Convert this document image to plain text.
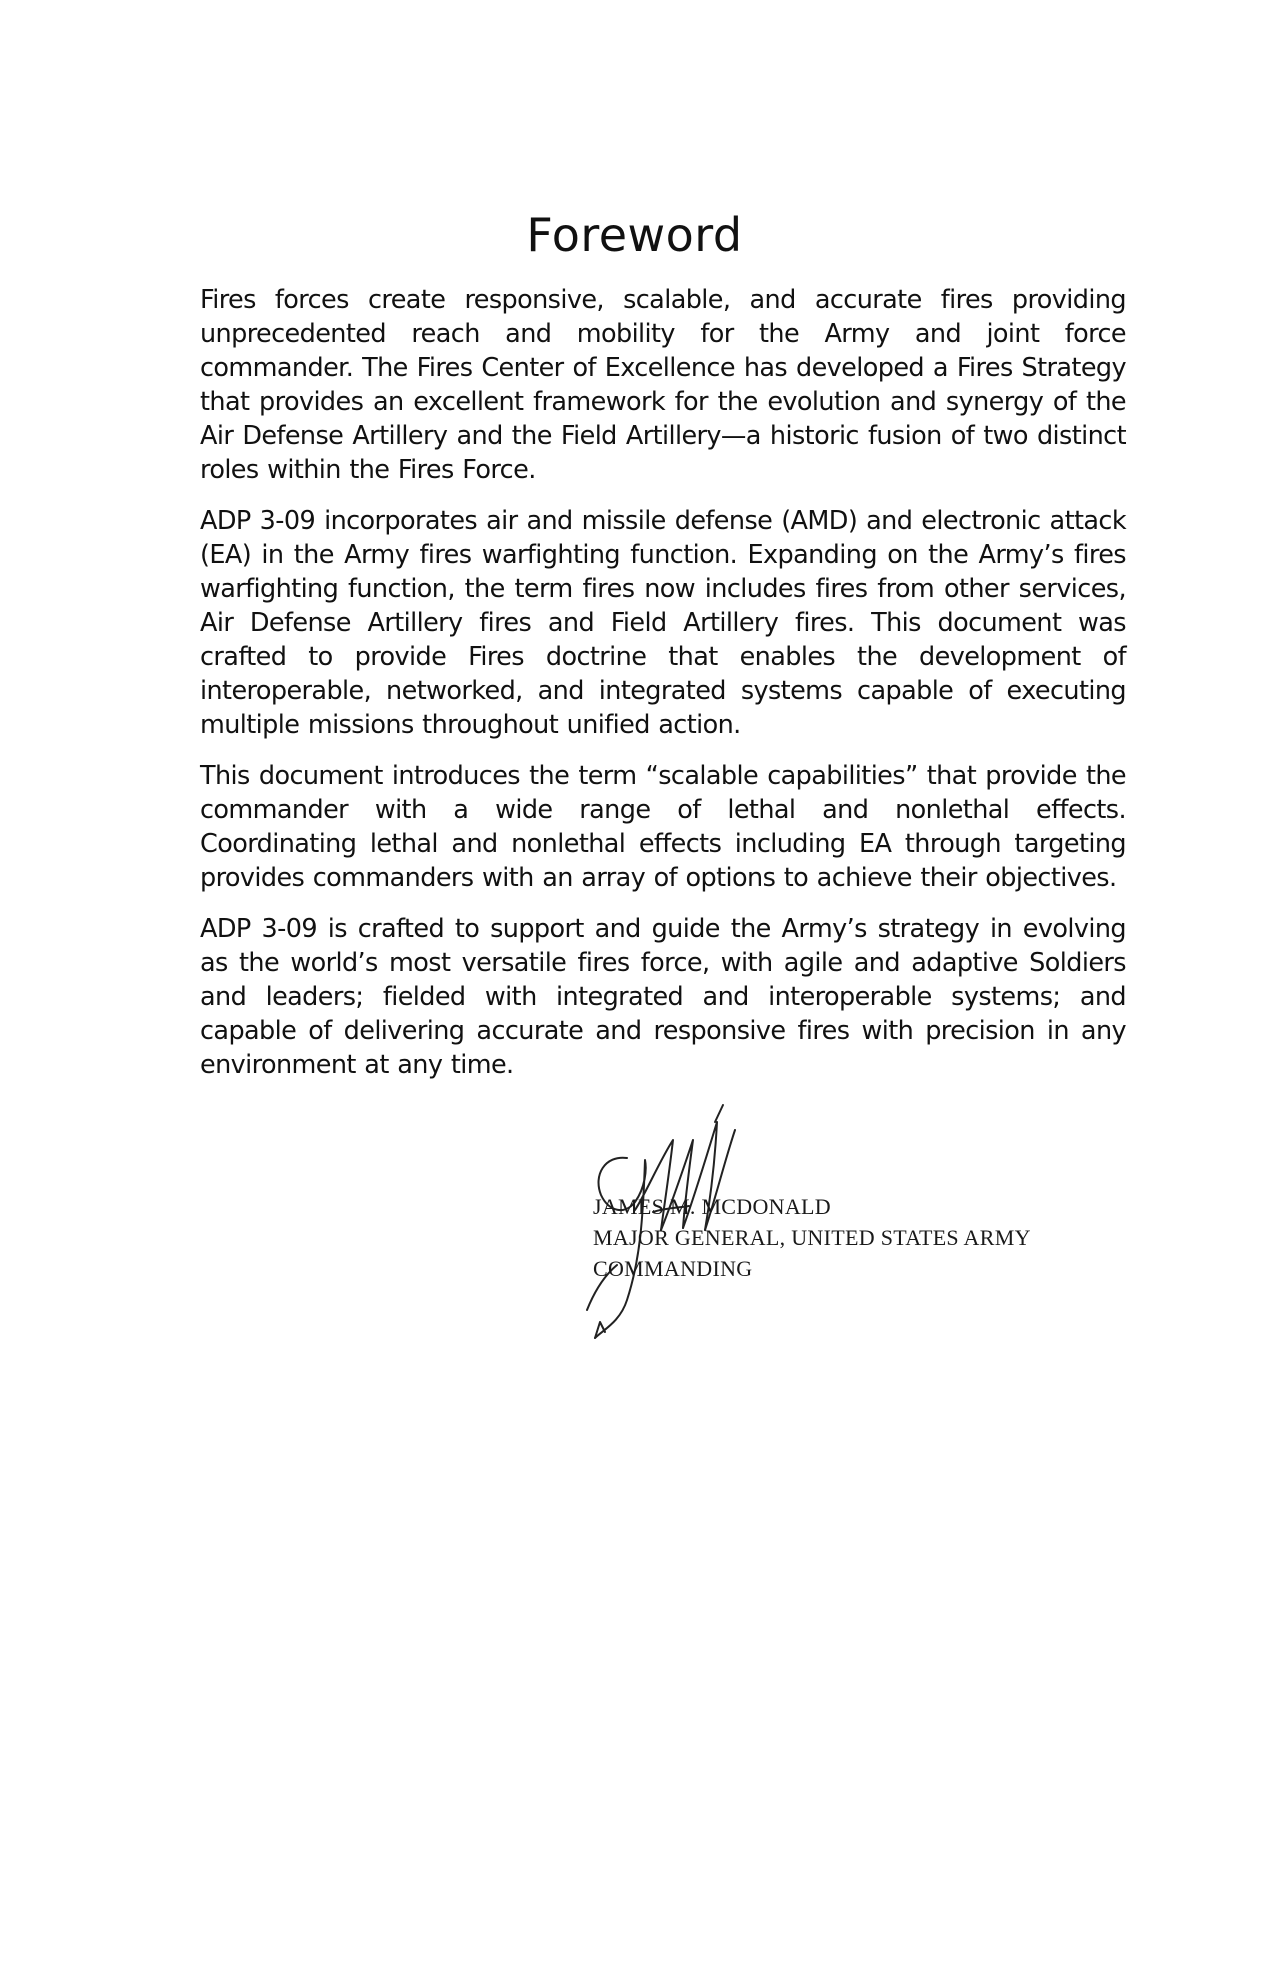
Foreword

Fires forces create responsive, scalable, and accurate fires providing unprecedented reach and mobility for the Army and joint force commander. The Fires Center of Excellence has developed a Fires Strategy that provides an excellent framework for the evolution and synergy of the Air Defense Artillery and the Field Artillery—a historic fusion of two distinct roles within the Fires Force.

ADP 3-09 incorporates air and missile defense (AMD) and electronic attack (EA) in the Army fires warfighting function. Expanding on the Army’s fires warfighting function, the term fires now includes fires from other services, Air Defense Artillery fires and Field Artillery fires. This document was crafted to provide Fires doctrine that enables the development of interoperable, networked, and integrated systems capable of executing multiple missions throughout unified action.

This document introduces the term “scalable capabilities” that provide the commander with a wide range of lethal and nonlethal effects. Coordinating lethal and nonlethal effects including EA through targeting provides commanders with an array of options to achieve their objectives.

ADP 3-09 is crafted to support and guide the Army’s strategy in evolving as the world’s most versatile fires force, with agile and adaptive Soldiers and leaders; fielded with integrated and interoperable systems; and capable of delivering accurate and responsive fires with precision in any environment at any time.

JAMES M. MCDONALD
MAJOR GENERAL, UNITED STATES ARMY
COMMANDING
